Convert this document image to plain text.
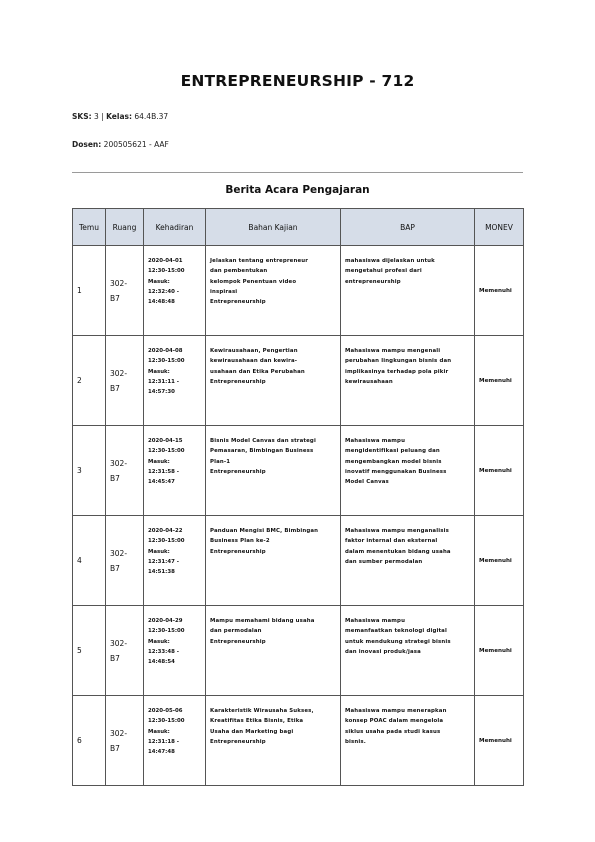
ENTREPRENEURSHIP - 712
SKS: 3 | Kelas: 64.4B.37
Dosen: 200505621 - AAF
Berita Acara Pengajaran
Temu	Ruang	Kehadiran	Bahan Kajian	BAP	MONEV
1	302-
B7	2020-04-01
12:30-15:00
Masuk:
12:32:40 -
14:48:48	Jelaskan tentang entrepreneur
dan pembentukan
kelompok Penentuan video
inspirasi
Entrepreneurship	mahasiswa dijelaskan untuk
mengetahui profesi dari
entrepreneurship	Memenuhi
2	302-
B7	2020-04-08
12:30-15:00
Masuk:
12:31:11 -
14:57:30	Kewirausahaan, Pengertian
kewirausahaan dan kewira-
usahaan dan Etika Perubahan
Entrepreneurship	Mahasiswa mampu mengenali
perubahan lingkungan bisnis dan
implikasinya terhadap pola pikir
kewirausahaan	Memenuhi
3	302-
B7	2020-04-15
12:30-15:00
Masuk:
12:31:58 -
14:45:47	Bisnis Model Canvas dan strategi
Pemasaran, Bimbingan Business
Plan-1
Entrepreneurship	Mahasiswa mampu
mengidentifikasi peluang dan
mengembangkan model bisnis
inovatif menggunakan Business
Model Canvas	Memenuhi
4	302-
B7	2020-04-22
12:30-15:00
Masuk:
12:31:47 -
14:51:38	Panduan Mengisi BMC, Bimbingan
Business Plan ke-2
Entrepreneurship	Mahasiswa mampu menganalisis
faktor internal dan eksternal
dalam menentukan bidang usaha
dan sumber permodalan	Memenuhi
5	302-
B7	2020-04-29
12:30-15:00
Masuk:
12:33:48 -
14:48:54	Mampu memahami bidang usaha
dan permodalan
Entrepreneurship	Mahasiswa mampu
memanfaatkan teknologi digital
untuk mendukung strategi bisnis
dan inovasi produk/jasa	Memenuhi
6	302-
B7	2020-05-06
12:30-15:00
Masuk:
12:31:18 -
14:47:48	Karakteristik Wirausaha Sukses,
Kreatifitas Etika Bisnis, Etika
Usaha dan Marketing bagi
Entrepreneurship	Mahasiswa mampu menerapkan
konsep POAC dalam mengelola
siklus usaha pada studi kasus
bisnis.	Memenuhi
